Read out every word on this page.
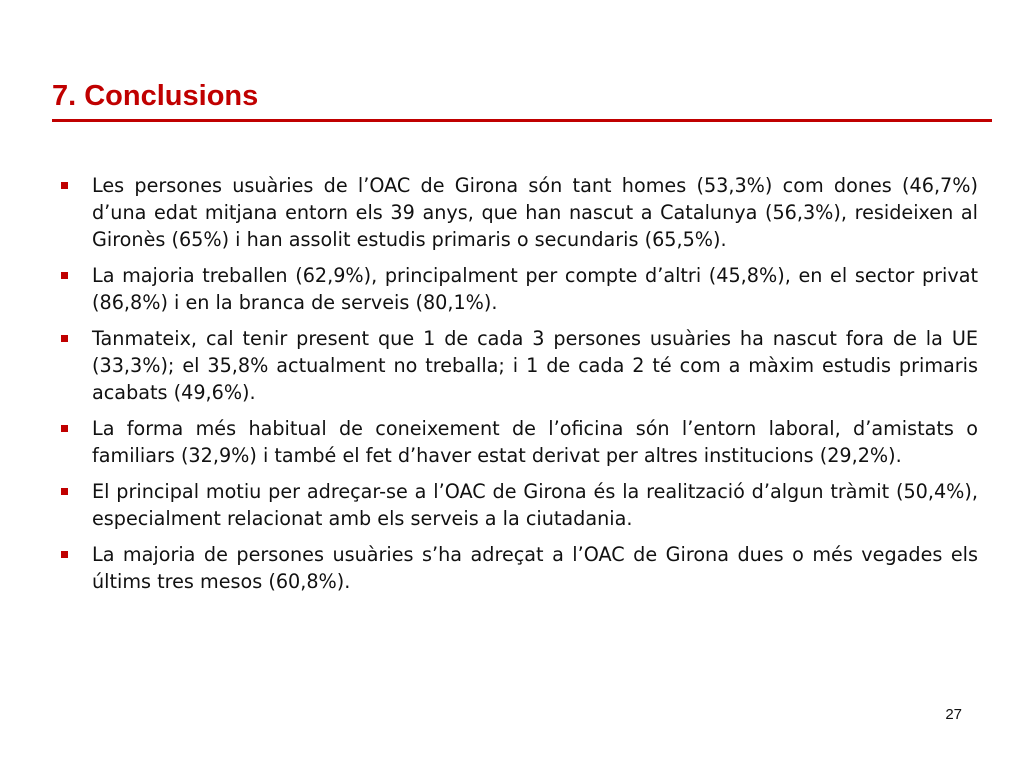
7. Conclusions
Les persones usuàries de l’OAC de Girona són tant homes (53,3%) com dones (46,7%) d’una edat mitjana entorn els 39 anys, que han nascut a Catalunya (56,3%), resideixen al Gironès (65%) i han assolit estudis primaris o secundaris (65,5%).
La majoria treballen (62,9%), principalment per compte d’altri (45,8%), en el sector privat (86,8%) i en la branca de serveis (80,1%).
Tanmateix, cal tenir present que 1 de cada 3 persones usuàries ha nascut fora de la UE (33,3%); el 35,8% actualment no treballa; i 1 de cada 2 té com a màxim estudis primaris acabats (49,6%).
La forma més habitual de coneixement de l’oficina són l’entorn laboral, d’amistats o familiars (32,9%) i també el fet d’haver estat derivat per altres institucions (29,2%).
El principal motiu per adreçar-se a l’OAC de Girona és la realització d’algun tràmit (50,4%), especialment relacionat amb els serveis a la ciutadania.
La majoria de persones usuàries s’ha adreçat a l’OAC de Girona dues o més vegades els últims tres mesos (60,8%).
27
